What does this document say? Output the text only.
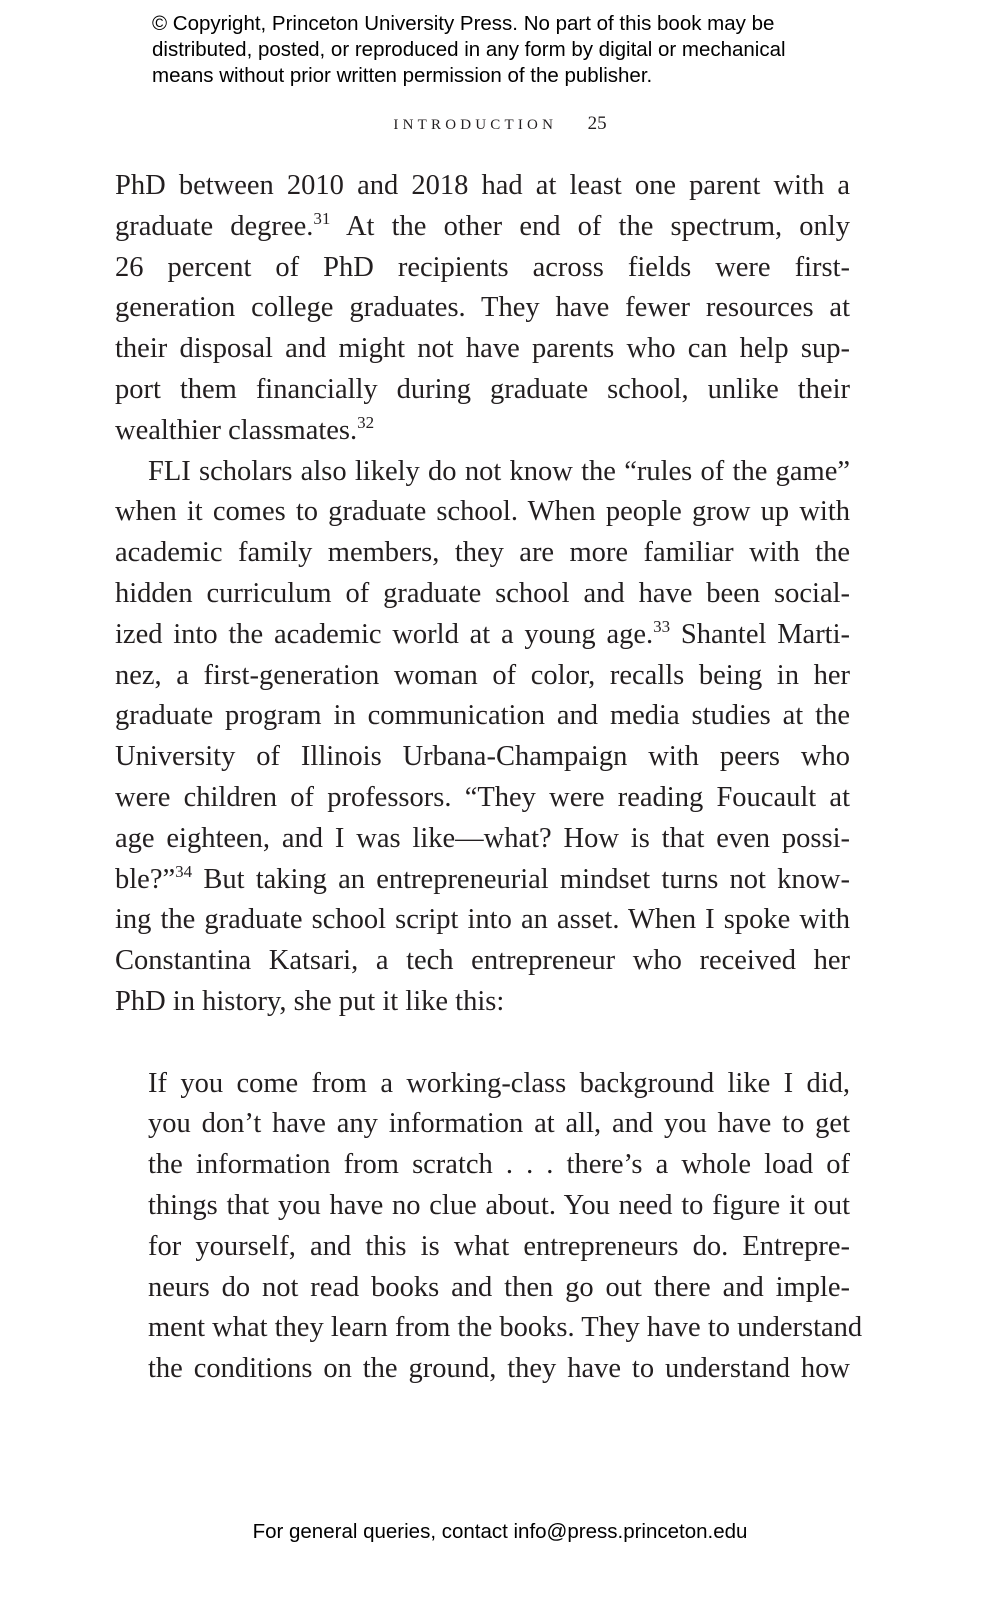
© Copyright, Princeton University Press. No part of this book may be
distributed, posted, or reproduced in any form by digital or mechanical
means without prior written permission of the publisher.
INTRODUCTION 25
PhD between 2010 and 2018 had at least one parent with a
graduate degree.$^{31}$ At the other end of the spectrum, only
26 percent of PhD recipients across fields were first-
generation college graduates. They have fewer resources at
their disposal and might not have parents who can help sup-
port them financially during graduate school, unlike their
wealthier classmates.$^{32}$
FLI scholars also likely do not know the “rules of the game”
when it comes to graduate school. When people grow up with
academic family members, they are more familiar with the
hidden curriculum of graduate school and have been social-
ized into the academic world at a young age.$^{33}$ Shantel Marti-
nez, a first-generation woman of color, recalls being in her
graduate program in communication and media studies at the
University of Illinois Urbana-Champaign with peers who
were children of professors. “They were reading Foucault at
age eighteen, and I was like—what? How is that even possi-
ble?”$^{34}$ But taking an entrepreneurial mindset turns not know-
ing the graduate school script into an asset. When I spoke with
Constantina Katsari, a tech entrepreneur who received her
PhD in history, she put it like this:
If you come from a working-class background like I did,
you don’t have any information at all, and you have to get
the information from scratch . . . there’s a whole load of
things that you have no clue about. You need to figure it out
for yourself, and this is what entrepreneurs do. Entrepre-
neurs do not read books and then go out there and imple-
ment what they learn from the books. They have to understand
the conditions on the ground, they have to understand how
For general queries, contact info@press.princeton.edu
